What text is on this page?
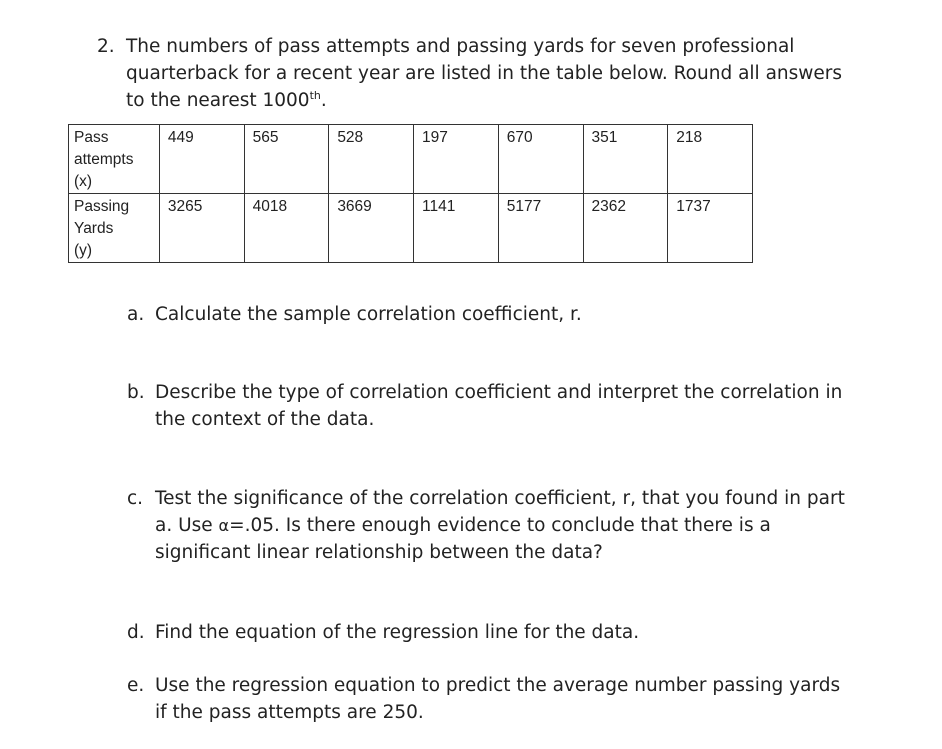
2. The numbers of pass attempts and passing yards for seven professional quarterback for a recent year are listed in the table below. Round all answers to the nearest 1000th.
Pass
attempts
(x)	449	565	528	197	670	351	218
Passing
Yards
(y)	3265	4018	3669	1141	5177	2362	1737
a. Calculate the sample correlation coefficient, r.
b. Describe the type of correlation coefficient and interpret the correlation in the context of the data.
c. Test the significance of the correlation coefficient, r, that you found in part a. Use α=.05. Is there enough evidence to conclude that there is a significant linear relationship between the data?
d. Find the equation of the regression line for the data.
e. Use the regression equation to predict the average number passing yards if the pass attempts are 250.
